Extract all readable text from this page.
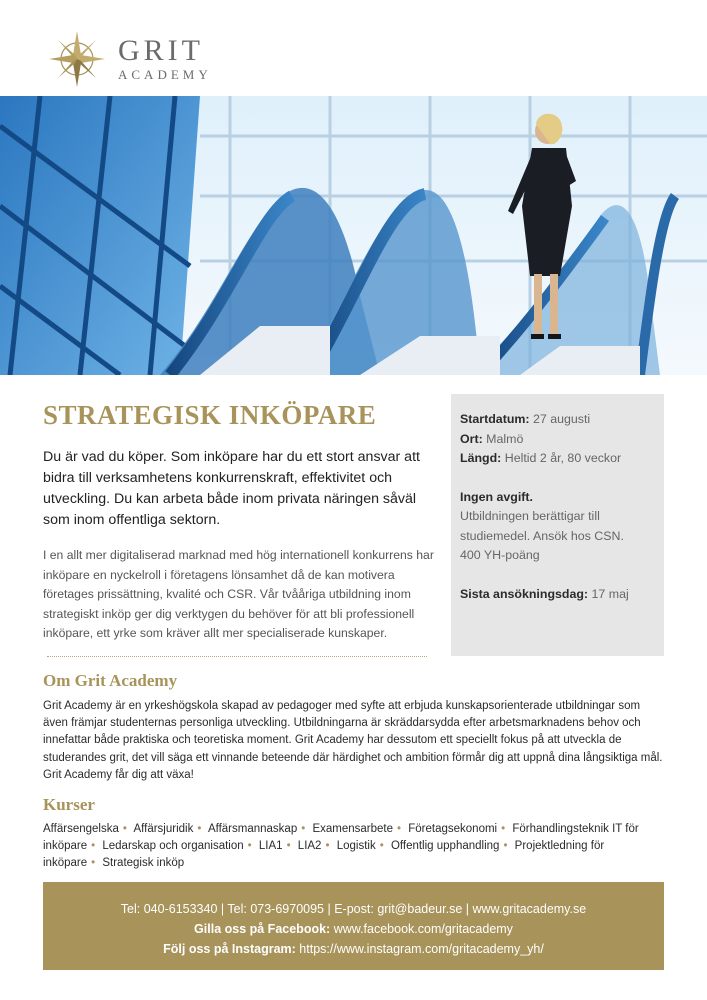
GRIT
ACADEMY
STRATEGISK INKÖPARE

Du är vad du köper. Som inköpare har du ett stort ansvar att bidra till verksamhetens konkurrenskraft, effektivitet och utveckling. Du kan arbeta både inom privata näringen såväl som inom offentliga sektorn.

I en allt mer digitaliserad marknad med hög internationell konkurrens har inköpare en nyckelroll i företagens lönsamhet då de kan motivera företages prissättning, kvalité och CSR. Vår tvååriga utbildning inom strategiskt inköp ger dig verktygen du behöver för att bli professionell inköpare, ett yrke som kräver allt mer specialiserade kunskaper.

Startdatum: 27 augusti

Ort: Malmö

Längd: Heltid 2 år, 80 veckor

Ingen avgift.

Utbildningen berättigar till studiemedel. Ansök hos CSN.

400 YH-poäng

Sista ansökningsdag: 17 maj

Om Grit Academy

Grit Academy är en yrkeshögskola skapad av pedagoger med syfte att erbjuda kunskapsorienterade utbildningar som även främjar studenternas personliga utveckling. Utbildningarna är skräddarsydda efter arbetsmarknadens behov och innefattar både praktiska och teoretiska moment. Grit Academy har dessutom ett speciellt fokus på att utveckla de studerandes grit, det vill säga ett vinnande beteende där härdighet och ambition förmår dig att uppnå dina långsiktiga mål. Grit Academy får dig att växa!

Kurser
Affärsengelska • Affärsjuridik • Affärsmannaskap • Examensarbete • Företagsekonomi • Förhandlingsteknik IT för inköpare • Ledarskap och organisation • LIA1 • LIA2 • Logistik • Offentlig upphandling • Projektledning för inköpare • Strategisk inköp

Tel: 040-6153340 | Tel: 073-6970095 | E-post: grit@badeur.se | www.gritacademy.se

Gilla oss på Facebook: www.facebook.com/gritacademy

Följ oss på Instagram: https://www.instagram.com/gritacademy_yh/
